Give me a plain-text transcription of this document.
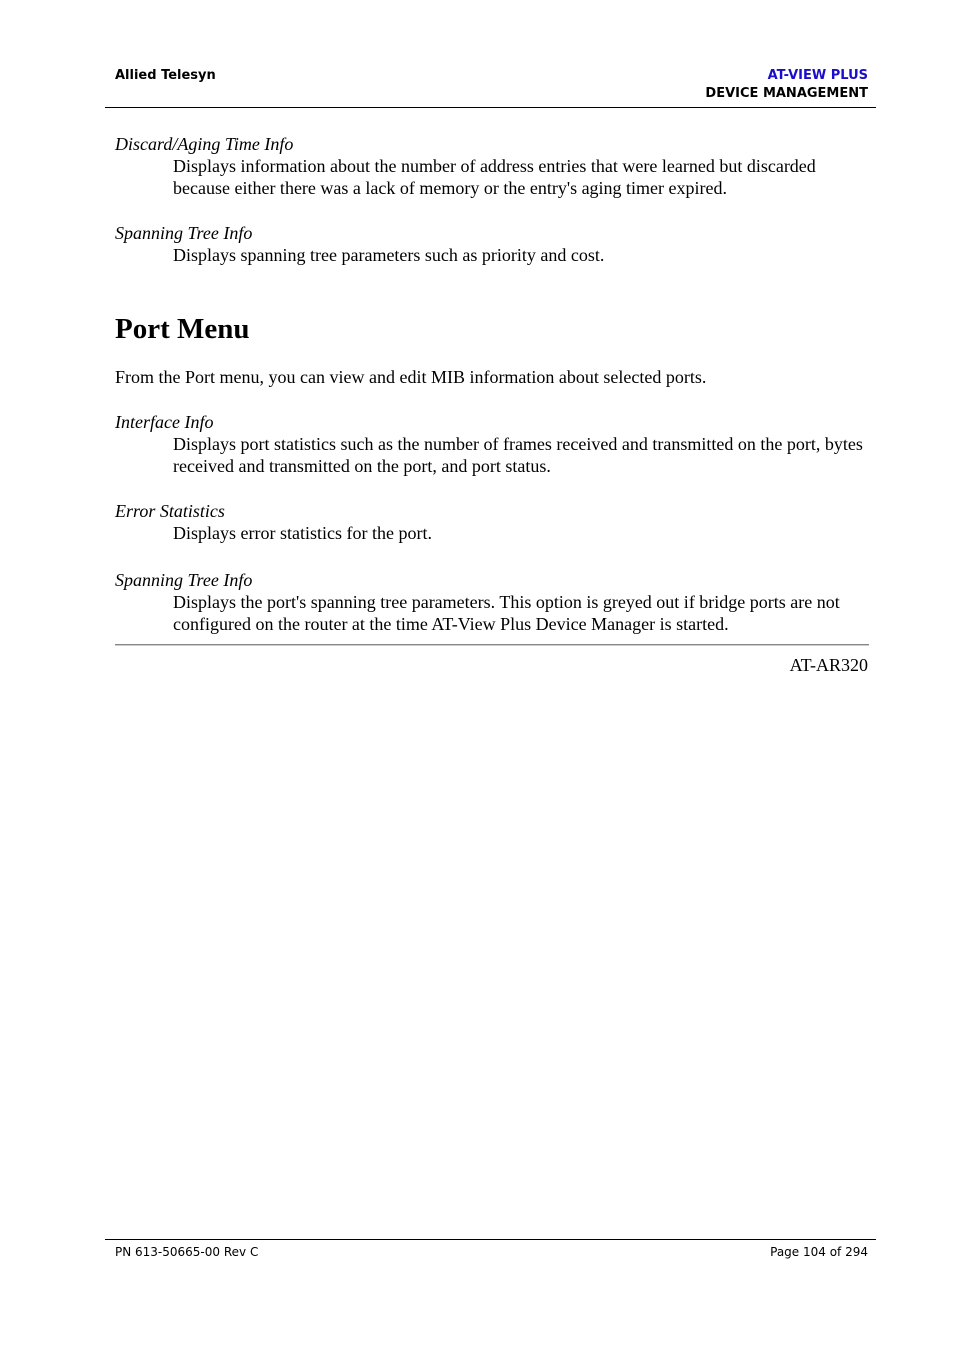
Allied Telesyn	AT-VIEW PLUS
DEVICE MANAGEMENT
Discard/Aging Time Info
Displays information about the number of address entries that were learned but discarded because either there was a lack of memory or the entry's aging timer expired.
Spanning Tree Info
Displays spanning tree parameters such as priority and cost.
Port Menu
From the Port menu, you can view and edit MIB information about selected ports.
Interface Info
Displays port statistics such as the number of frames received and transmitted on the port, bytes received and transmitted on the port, and port status.
Error Statistics
Displays error statistics for the port.
Spanning Tree Info
Displays the port's spanning tree parameters. This option is greyed out if bridge ports are not configured on the router at the time AT-View Plus Device Manager is started.
AT-AR320
PN 613-50665-00 Rev C	Page 104 of 294
